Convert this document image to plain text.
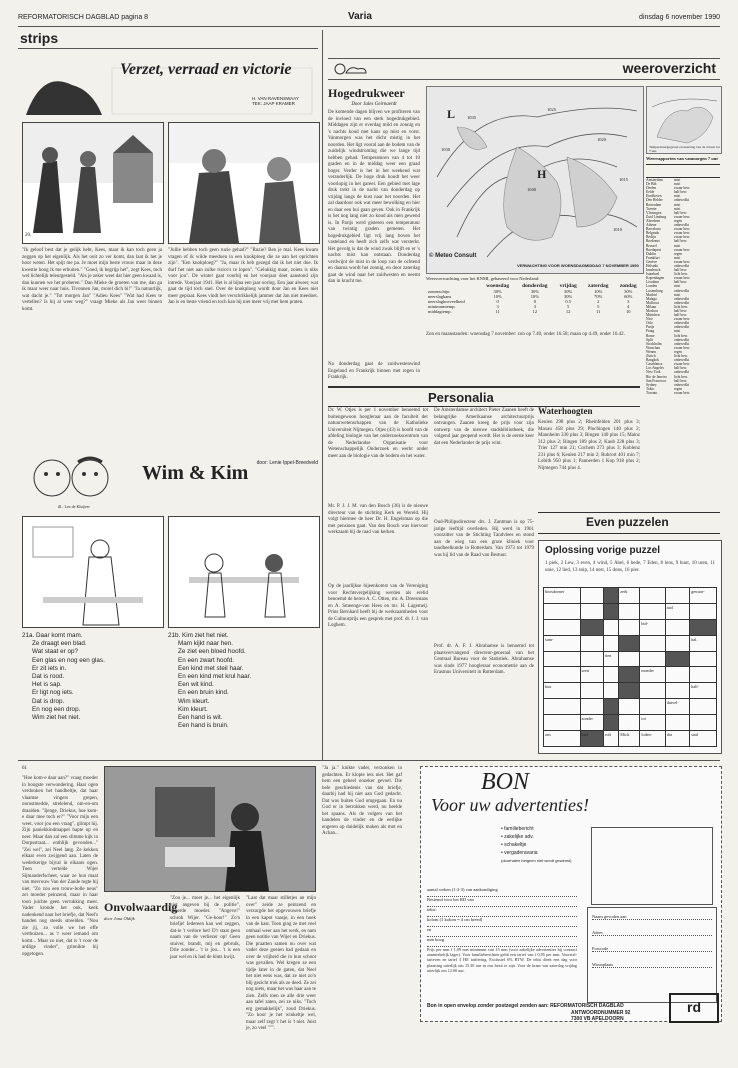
REFORMATORISCH DAGBLAD pagina 8	Varia	dinsdag 6 november 1990
strips
Verzet, verraad en victorie
H. VAN RAVENSWAAY
TEK: JAAP KRAMER
20.
"Ik geloof best dat je gelijk hebt, Kees, maar ik kan toch geen ja zeggen op het eigenlijk. Als het ooit zo ver komt, dan laat ik het je hoor weten. Het spijt me pa. Je moet mijn beste vrouw maar in deze kwestie hoog ik me erbuiten." "Goed, ik begrijp het", zegt Kees, toch wel lichtelijk teleurgesteld. "Als je zeker weet dat hier geen kwaad is, dan kunnen we het proberen." Dan Mieke de groeten van me, dan ga ik maar weer naar huis. Tivonnen Jan, morel dich bi!" "Ja natuurlijk, wat dacht je." "Tot morgen Jan" "Adieu Kees" "Wat had Kees te vertellen? Is hij al weer weg?" vraagt Mieke als Jan weer binnen komt.
"Jullie hebben toch geen ruzie gehad?" "Ruzie? Ben je mal. Kees kwam vragen of ik wilde meedoen in een knokploeg die ze aan het oprichten zijn". "Een knokploeg?" "Ja, maar ik heb gezegd dat ik het niet doe. Ik durf het niet aan zulke risico's te lopen". "Gelukkig maar, zoiets is niks voor jou". De winter gaat voorbij en het voorjaar doet aanstond zijn intrede. Voorjaar 1941. Het is al bijna een jaar oorlog. Een jaar alweer, wat gaat de tijd toch snel. Over de knokploeg wordt door Jan en Kees niet meer gepraat. Kees vindt het verschrikkelijk jammer dat Jan niet meedoet. Jan is en beste vriend en toch kan hij niet meer vrij met hem praten.
Wim & Kim	door: Lenie Ippel-Breedveld
ill.: Lex de Kluijver
21a. Daar komt mam.
Ze draagt een blad.
Wat staat er op?
Een glas en nog een glas.
Er zit iets in.
Dat is rood.
Het is sap.
Er ligt nog iets.
Dat is drop.
En nog een drop.
Wim ziet het niet.
21b. Kim ziet het niet.
Mam kijkt naar hen.
Ze ziet een bloed hoofd.
En een zwart hoofd.
Een kind met steil haar.
En een kind met krul haar.
Een wit kind.
En een bruin kind.
Wim kleurt.
Kim kleurt.
Een hand is wit.
Een hand is bruin.
weeroverzicht
Hogedrukweer
Door Jules Geirnaerdt
De komende dagen blijven we profiteren van de invloed van een sterk hogedrukgebied. Middagen zijn er overdag mild en zonnig en 's nachts koud met kans op mist en vorst. Vanmorgen was het dicht mistig in het noorden. Het ligt vooral aan de bodem van de zuidelijk windstroming die we lange tijd hebben gehad. Temperaturen van 4 tot 10 graden en in de middag weer een graad hoger. Verder is het in het weekend wat veranderlijk. De hoge druk houdt het weer voorlopig in het gareel. Een gebied met lage druk trekt in de nacht van donderdag op vrijdag langs de kust naar het noorden. Het zal daardoor ook wat meer bewolking en hier en daar een bui gaan geven. Ook in Frankrijk is het nog lang niet zo koud als men gewend is. In Parijs werd gisteren een temperatuur van twintig graden gemeten. Het hogedrukgebied ligt vrij lang boven het vasteland en heeft zich zelfs wat versterkt. Het gevolg is dat de wind zwak blijft en er 's nachts mist kan ontstaan. Donderdag verdwijnt de mist in de loop van de ochtend en daarna wordt het zonnig, en door zaterdag gaat de wind naar het zuidwesten en neemt dan in kracht toe.
Na donderdag gaat de zuidwestenwind Engeland en Frankrijk binnen met regen in Frankrijk.
1030
1035
1025
1020
1015
1010
1040
H
L
© Meteo Consult
VERWACHTING VOOR WOENSDAGMIDDAG 7 NOVEMBER 1990
Temperatuurgegeven en neerslag van de 24 uur tot 7 uur.
Weersverwachting voor het KNMI, gebaseerd voor Nederland:
	woensdag	donderdag	vrijdag	zaterdag	zondag
zonneschijn	30%	30%	30%	10%	30%
neerslagkans	10%	10%	30%	70%	60%
neerslaghoeveelheid	0	0	0.5	2	3
minimumtemp.	3	3	5	5	4
middagtemp.	11	12	12	11	10
Zon en maanstanden: woensdag 7 november: zon op 7.40, onder 16.58; maan op 4.49, onder 16.42.
Weerrapporten van vanmorgen 7 uur
Amsterdam	mist
De Bilt	mist
Deelen	zwaar bew.
Eelde	half bew.
Eindhoven	mist
Den Helder	onbewolkt
Rotterdam	mist
Twente	mist
Vlissingen	half bew.
Zuid Limburg	zwaar bew.
Aberdeen	regen
Athene	onbewolkt
Barcelona	zwaar bew.
Belgrado	zwaar bew.
Berlijn	zwaar bew.
Bordeaux	half bew.
Brussel	mist
Boedapest	zwaar bew.
Dublin	regen
Frankfurt	mist
Genève	zwaar bew.
Helsinki	onbewolkt
Innsbruck	half bew.
Istanboel	licht bew.
Kopenhagen	zwaar bew.
Lissabon	half bew.
Londen	mist
Luxemburg	onbewolkt
Madrid	mist
Malaga	onbewolkt
Mallorca	onbewolkt
Milaan	licht bew.
Moskou	half bew.
München	half bew.
Nice	zwaar bew.
Oslo	onbewolkt
Parijs	onbewolkt
Praag	mist
Rome	licht bew.
Split	onbewolkt
Stockholm	onbewolkt
Warschau	zwaar bew.
Wenen	regen
Zürich	licht bew.
Bangkok	onbewolkt
Casablanca	zwaar bew.
Los Angeles	half bew.
New York	onbewolkt
Rio de Janeiro	licht bew.
San Francisco	half bew.
Sydney	onbewolkt
Tokio	regen
Toronto	zwaar bew.
Personalia
Dr. W. Otjes is per 1 november benoemd tot buitengewoon hoogleraar aan de faculteit der natuurwetenschappen van de Katholieke Universiteit Nijmegen. Otjes (43) is hoofd van de afdeling biologie van het onderzoekscentrum van de Nederlandse Organisatie voor Wetenschappelijk Onderzoek en werkt onder meer aan de biologie van de bodem en het water.
Mr. P. J. J. M. van den Bosch (36) is de nieuwe directeur van de stichting Kerk en Wereld. Hij volgt hiermee de heer Dr. H. Engelsman op die met pensioen gaat. Van den Bosch was hiervoor werkzaam bij de raad van kerken.
Op de jaarlijkse bijeenkomst van de Vereniging voor Rechtsvergelijking werden als erelid benoemd de heren A. C. Otten, mr. A. Dreesmans en A. Smeenge-van Hees en mr. H. Lagemeij. Prins Bernhard heeft bij de werkzaamheden voor de Cultuurprijs een gesprek met prof. dr. J. J. van Loghem.
De Amsterdamse architect Pieter Zaanen heeft de belangrijke Amerikaanse architectuurprijs ontvangen. Zaanen kreeg de prijs voor zijn ontwerp van de nieuwe stadsbibliotheek, die volgend jaar geopend wordt. Het is de eerste keer dat een Nederlander de prijs wint.
Oud-Philipsdirecteur drs. J. Zantman is op 75-jarige leeftijd overleden. Hij werd in 1961 voorzitter van de Stichting Tandvlees en stond aan de wieg van een grote kliniek voor tandheelkunde in Rotterdam. Van 1973 tot 1979 was hij lid van de Raad van Bestuur.
Prof. dr. A. F. J. Abrahamse is benoemd tot plaatsvervangend directeur-generaal van het Centraal Bureau voor de Statistiek. Abrahamse was sinds 1977 hoogleraar econometrie aan de Erasmus Universiteit in Rotterdam.
Waterhoogten
Keulen 298 plus 2; Rheinfelden 201 plus 3; Maxau 458 plus 29; Plochingen 140 plus 2; Mannheim 330 plus 3; Bingen 140 plus 15; Mainz 312 plus 2; Bingen 189 plus 2; Kaub 228 plus 3; Trier 127 min 21; Cochem 273 plus 3; Koblenz 231 plus 6; Keulen 217 min 2; Ruhrort 401 min 7; Lobith 950 plus 1; Pannerden 1 Kop 918 plus 2; Nijmegen 744 plus 4.
Even puzzelen
Oplossing vorige puzzel
1 piek, 2 Lew, 3 even, 4 wind, 5 Abel, 6 bede, 7 Eden, 8 lens, 9 buut, 10 uren, 11 unie, 12 lied, 13 snip, 14 nest, 15 dons, 16 pier.
boosdoener			zerk			gewaar-
					atol	
				bid-		
sum-						ital.
		tien				
	seen			moeder		
kou						half-
					duivel-	
	zonder			tot		
ons	biel	rolt	Mich.	loden-	dra	stad
61
"Hoe kom-e daar aan?" vraag moeder in hoogste verwondering. Haar ogen verdonken het handbeltje, dat haar vlaamse vingers grepen, onrustmedde, strelelend, om-en-om draaiden. "Ijenge, Driekus, hoe kom-e daar mee toch er?" "Voor mijn een weet, voor jou een vraag", glimpt hij. Zijn paniekkindmappel hapte op en neer. Maar dan zal een slimme kijk in Dorpsstraat... enthlijk gevonden..." "Zei wel", zei Neel lang. Ze kekken elkaar even zwijgend aan. Laten de wederkerige bijval in elkaars ogen. Toen vertelde Wijer Sijmanderfscheet, waar ze hun maat van mevrouw Van der Zande regte hij niet. "Zo zou een trouw-bolle neus" zei moeder peinzend, maar in haar toon juichte geen verrukking meer. Vader kronde het ook, keek nadenkend naar het briefje, dat Neel's handen nog steeds streelden. "Nou zie jij, zo volle we het effe verthuizen... as 'r weer iemand om komt... Maar zo niet, dat is 't voor de ardlige vinder", grinnikte hij opgetogen.
Onvolwaardig
door Jona Oldijk
"Zou je... moet je... het eigenlijk niet angeven bij de politie", opperde moeder. "Angeve!" schrok Wijer. "Ge-hoor!" Zo'n briefje! Iedereen kan wel zeggen, dat-ie 't verlore het! D'r staat geen naam van de verliezer op! Geen stuiver, brandt, mij en gebruik, Drie zonder... 't is jou... 't is een jaar wel en ik had de kluts kwijt.
"Laat dat maar stilletjes an mijn over" zeide ze peinzend en verzorgde het opgevouwen briefje in een kapot vaasje, in een hoek van de kast. Toen ging ze met veel omhaal weer aan het werk, en nam geen notitie van Wijer en Driekus. Die praatten samen nu over wat vader deze goeien had gedaan en over de vrijheid die in hun schoot was gevallen. Wel kregen ze een tijdje later in de gaten, dat Neel het niet eens was, dat ze niet zo'n blij gezicht trok als ze deed. Ze zei nog niets, maar het was haar aan te zien. Zelfs toen ze alle drie weer aan tafel zaten, zei ze niks. "Toch erg gemakkelijk", zoud Driekus. "Zo koor je het winkeltje wel, maar zelf zegt 't het is 't niet. Juist je, zo veel """.
"Ja ja." knikte vader, verzonken in gedachten. Er klopte iets niet. Het gaf hem een geheel onzeker gevoel. Die hele geschiedenis van dat briefje, daarbij had hij niet aan God gedacht. Dat was buiten God omgegaan. En nu God er in betrokken werd, nu heelde het spaans. Als de volgers van het handelen de vinder en de eerlijke engeren op duidelijk maken als mot en Achan...
BON
Voor uw advertenties!
• familiebericht
• zakelijke adv.
• schakeltje
• vergaderavaria
(doorhalen hetgeen niet wordt gewenst)
aantal weken (1-2-3) van aankondiging
Bestemd voor het RD van
tekst:
kolom (1 kolom = 4 cm breed)
en
mm hoog
Prijs per mm f 1,09 met minimum van 15 mm (voor zakelijke advertenties bij contract aanmerkelijk lager). Voor familieberichten geldt een tarief van f 0,95 per mm. Voorstel-tarieven en tarief 3 HE tarifering. Exclusief 6% BTW. De tekst dient een dag voor plaatsing uiterlijk om 15.30 uur in ons bezit te zijn. Voor de krant van zaterdag vrijdag uiterlijk om 12.00 uur.
Naam gevoden aan
Adres
Postcode
Woonplaats
Bon in open envelop zonder postzegel zenden aan: REFORMATORISCH DAGBLAD
ANTWOORDNUMMER 92
7300 VB APELDOORN
rd
